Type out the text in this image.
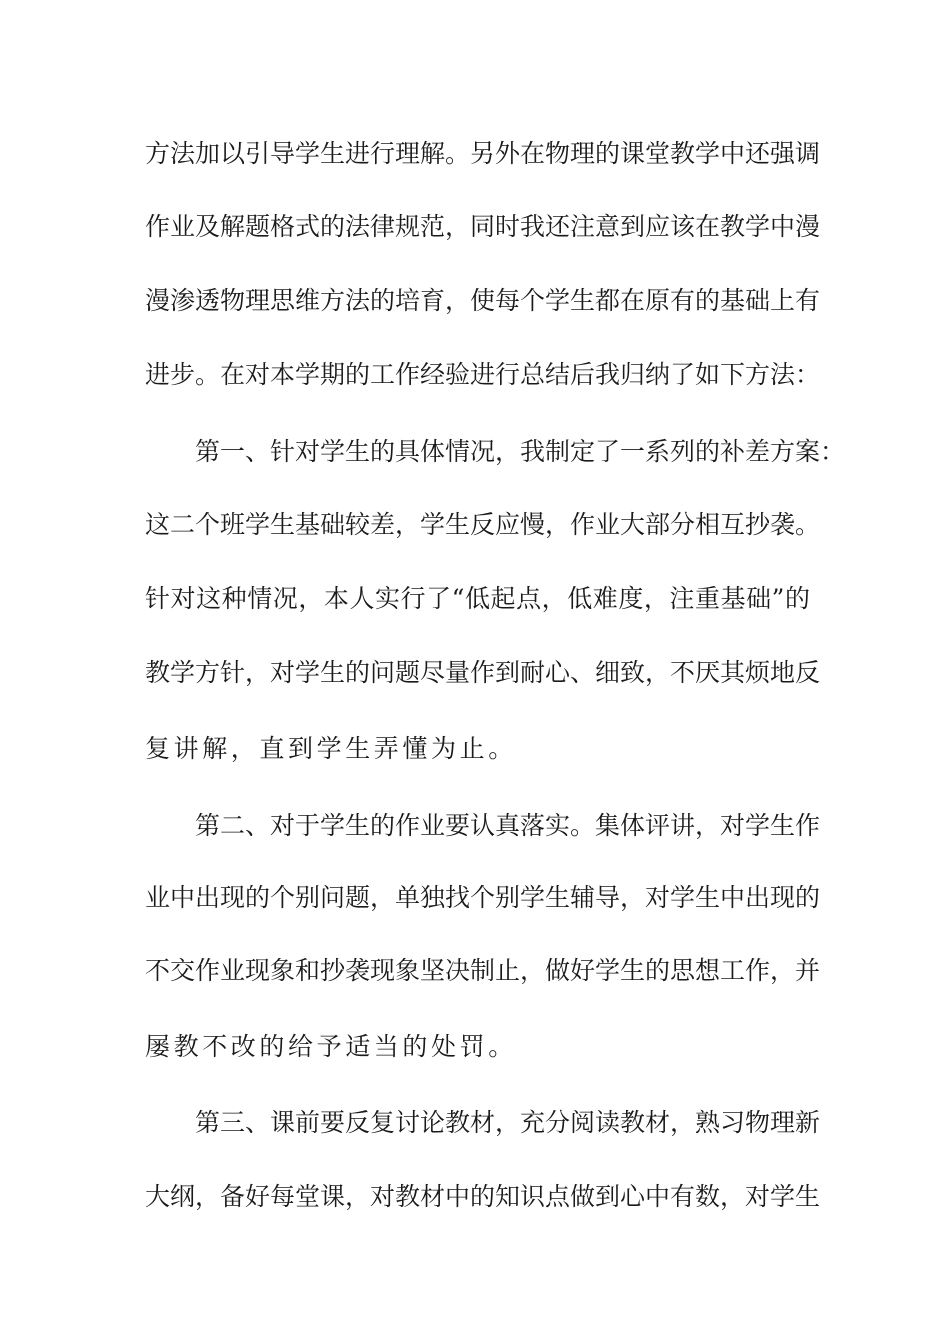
方法加以引导学生进行理解。另外在物理的课堂教学中还强调
作业及解题格式的法律规范，同时我还注意到应该在教学中漫
漫渗透物理思维方法的培育，使每个学生都在原有的基础上有
进步。在对本学期的工作经验进行总结后我归纳了如下方法：
第一、针对学生的具体情况，我制定了一系列的补差方案：
这二个班学生基础较差，学生反应慢，作业大部分相互抄袭。
针对这种情况，本人实行了“低起点，低难度，注重基础”的
教学方针，对学生的问题尽量作到耐心、细致，不厌其烦地反
复讲解，直到学生弄懂为止。
第二、对于学生的作业要认真落实。集体评讲，对学生作
业中出现的个别问题，单独找个别学生辅导，对学生中出现的
不交作业现象和抄袭现象坚决制止，做好学生的思想工作，并
屡教不改的给予适当的处罚。
第三、课前要反复讨论教材，充分阅读教材，熟习物理新
大纲，备好每堂课，对教材中的知识点做到心中有数，对学生
